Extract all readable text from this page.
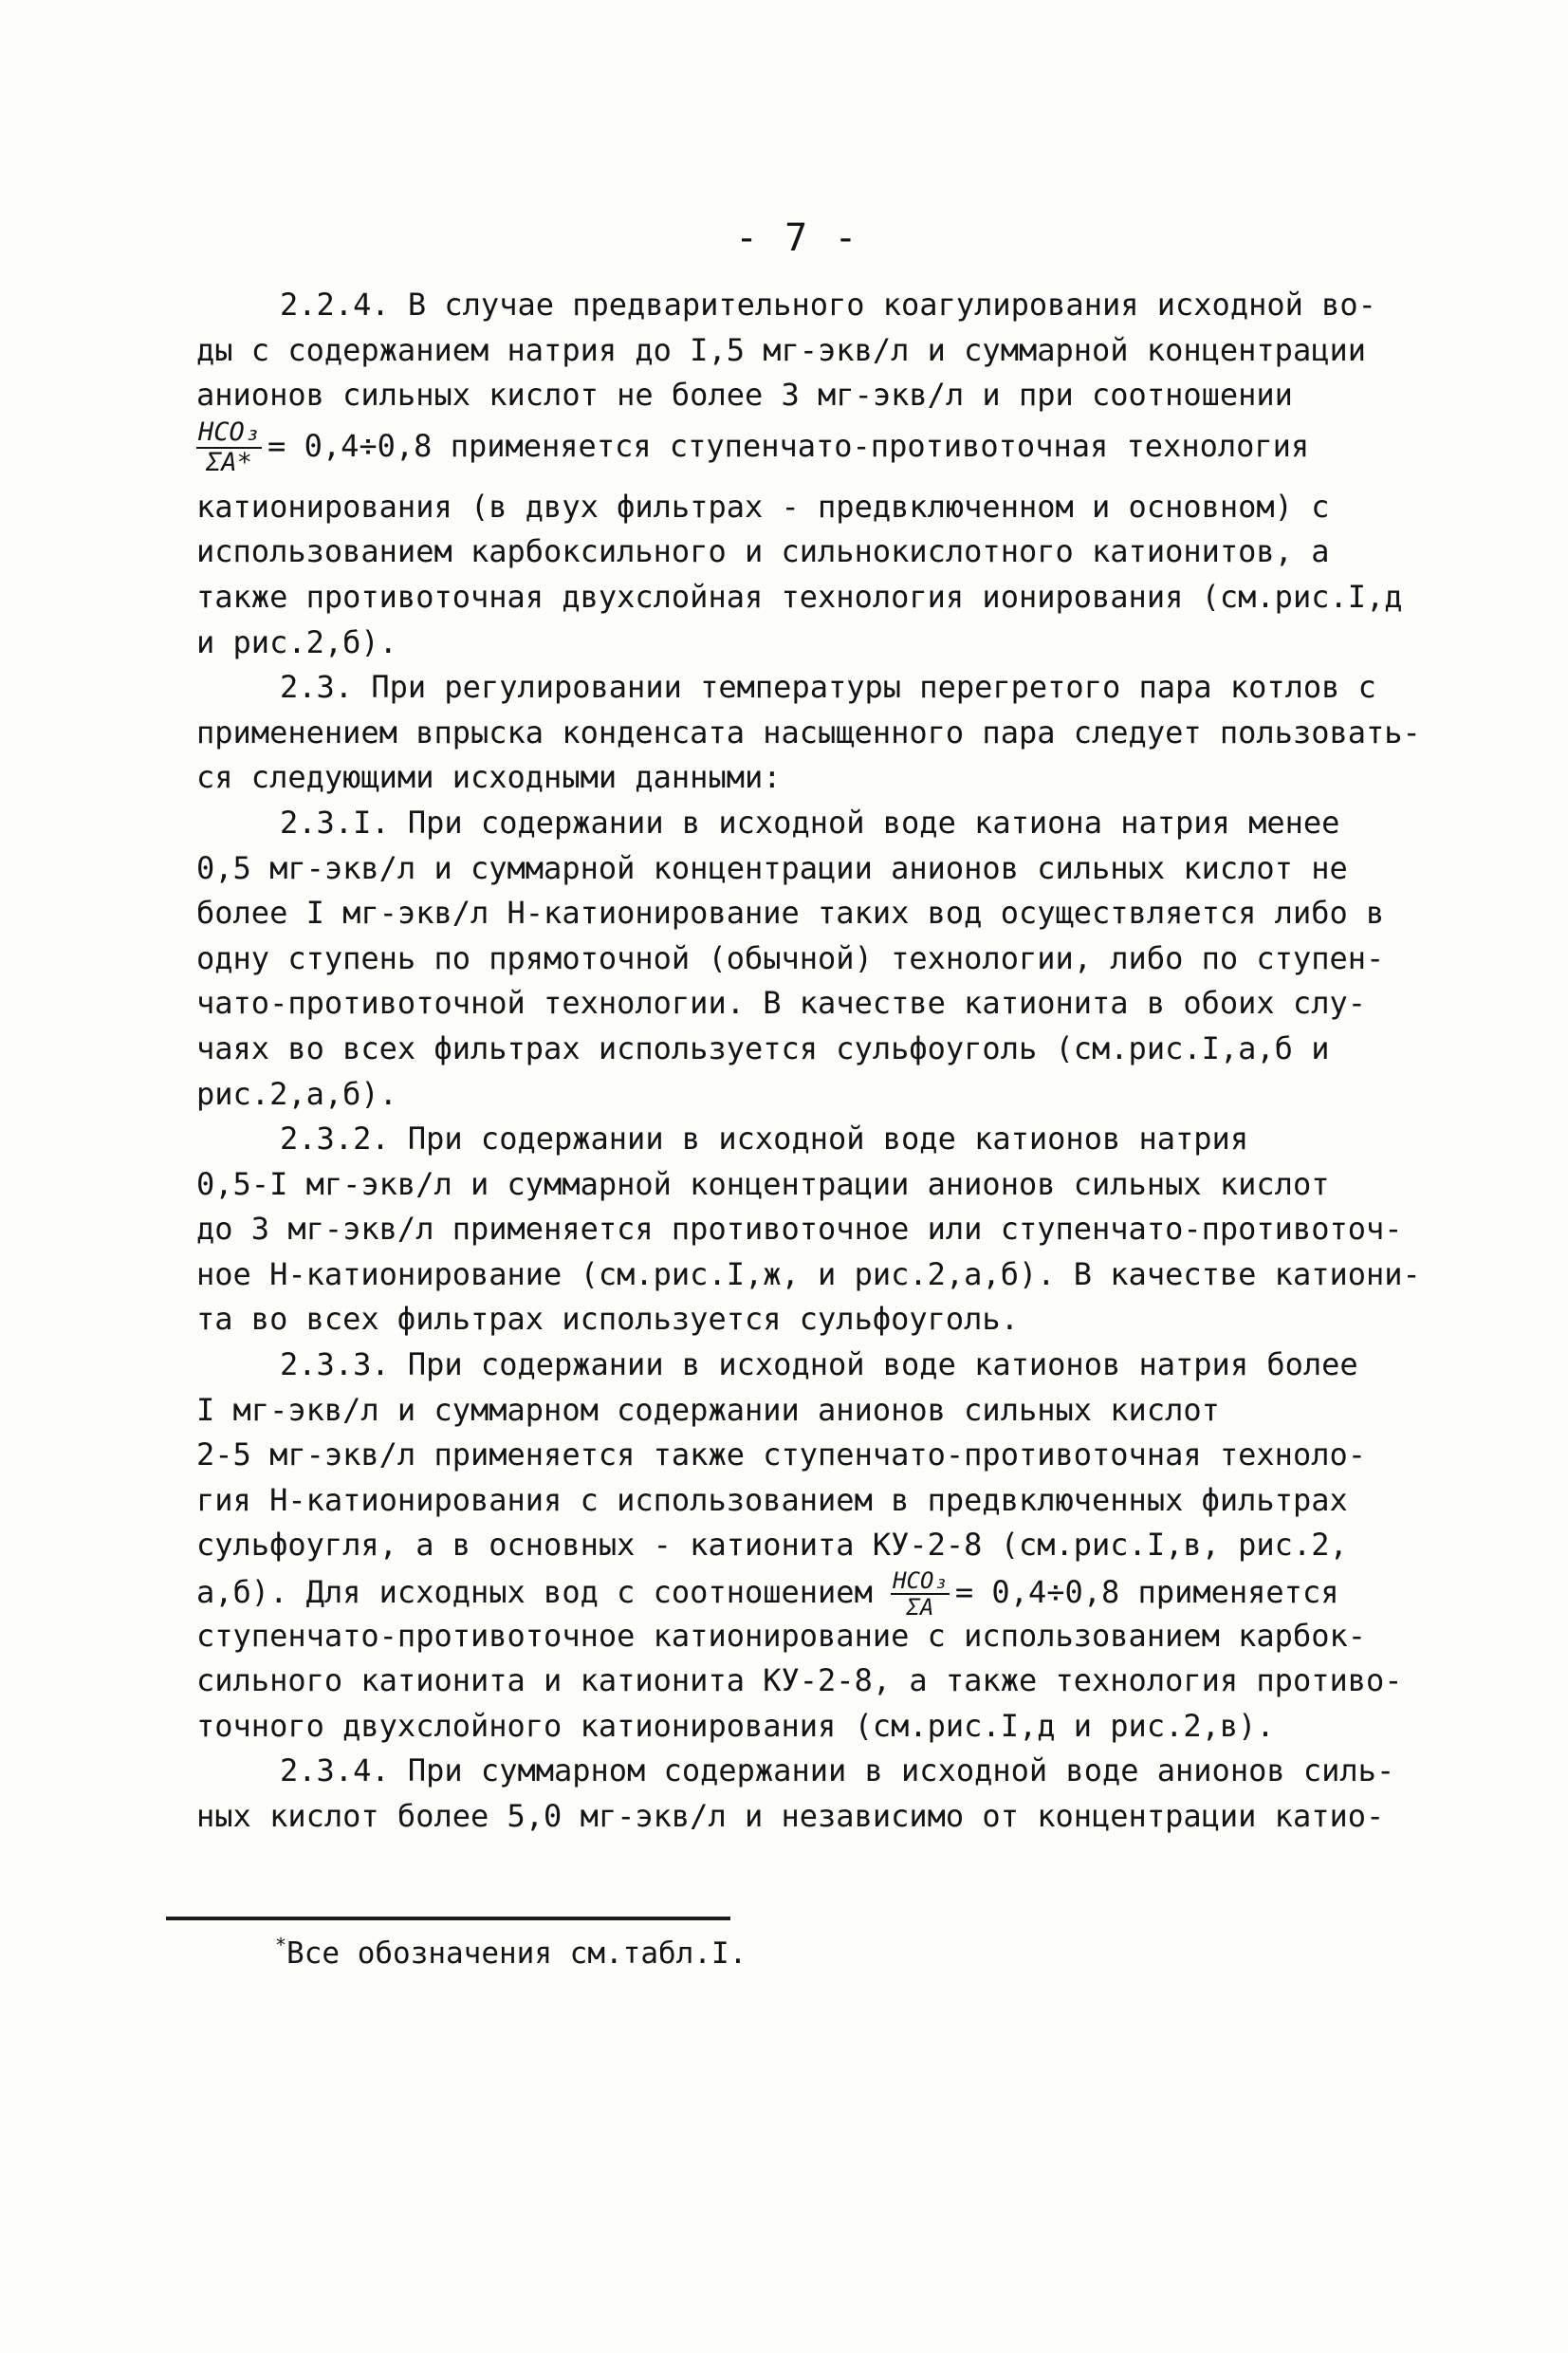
- 7 -
2.2.4. В случае предварительного коагулирования исходной во-
ды с содержанием натрия до I,5 мг-экв/л и суммарной концентрации
анионов сильных кислот не более 3 мг-экв/л и при соотношении
$\frac{\text{HCO₃}}{\Sigma A*} = 0,4\div 0,8$ применяется ступенчато-противоточная технология
катионирования (в двух фильтрах - предвключенном и основном) с
использованием карбоксильного и сильнокислотного катионитов, а
также противоточная двухслойная технология ионирования (см.рис.I,д
и рис.2,б).
2.3. При регулировании температуры перегретого пара котлов с
применением впрыска конденсата насыщенного пара следует пользовать-
ся следующими исходными данными:
2.3.I. При содержании в исходной воде катиона натрия менее
0,5 мг-экв/л и суммарной концентрации анионов сильных кислот не
более I мг-экв/л H-катионирование таких вод осуществляется либо в
одну ступень по прямоточной (обычной) технологии, либо по ступен-
чато-противоточной технологии. В качестве катионита в обоих слу-
чаях во всех фильтрах используется сульфоуголь (см.рис.I,а,б и
рис.2,а,б).
2.3.2. При содержании в исходной воде катионов натрия
0,5-I мг-экв/л и суммарной концентрации анионов сильных кислот
до 3 мг-экв/л применяется противоточное или ступенчато-противоточ-
ное H-катионирование (см.рис.I,ж, и рис.2,а,б). В качестве катиони-
та во всех фильтрах используется сульфоуголь.
2.3.3. При содержании в исходной воде катионов натрия более
I мг-экв/л и суммарном содержании анионов сильных кислот
2-5 мг-экв/л применяется также ступенчато-противоточная техноло-
гия H-катионирования с использованием в предвключенных фильтрах
сульфоугля, а в основных - катионита КУ-2-8 (см.рис.I,в, рис.2,
а,б). Для исходных вод с соотношением $\frac{\text{HCO₃}}{\Sigma A} = 0,4\div 0,8$ применяется
ступенчато-противоточное катионирование с использованием карбок-
сильного катионита и катионита КУ-2-8, а также технология противо-
точного двухслойного катионирования (см.рис.I,д и рис.2,в).
2.3.4. При суммарном содержании в исходной воде анионов силь-
ных кислот более 5,0 мг-экв/л и независимо от концентрации катио-
*Все обозначения см.табл.I.
